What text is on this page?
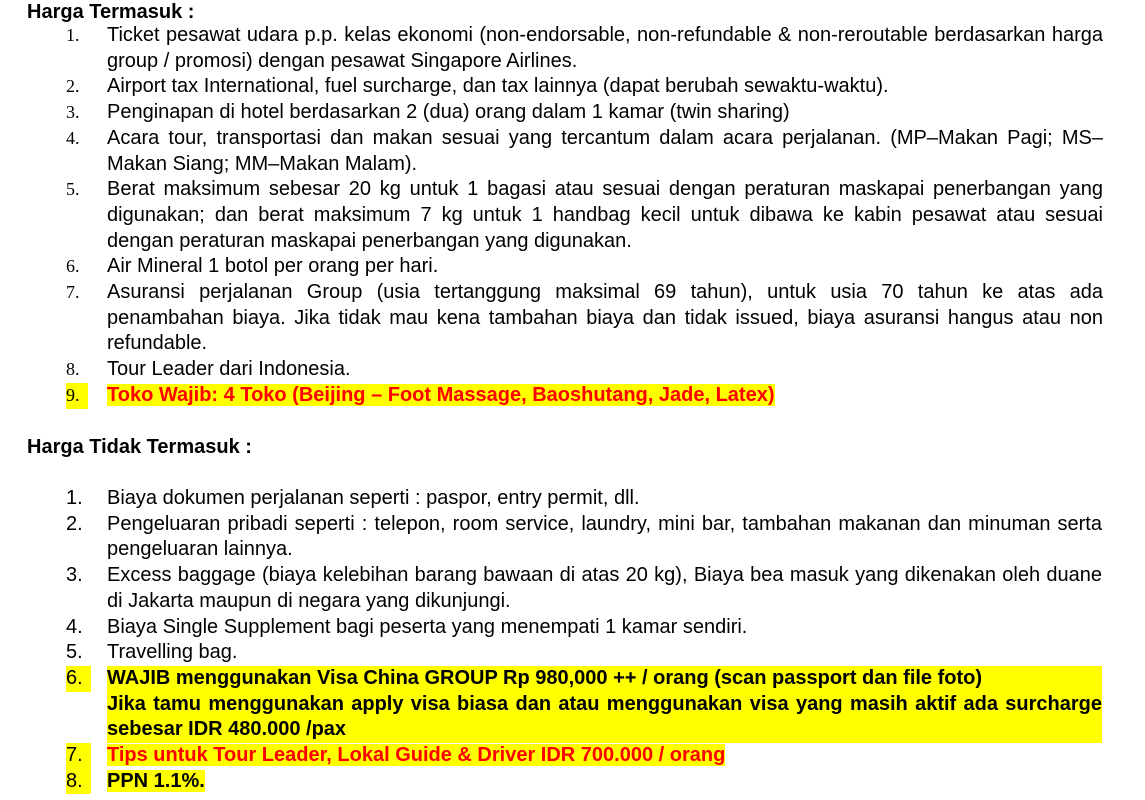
Harga Termasuk :
1.	Ticket pesawat udara p.p. kelas ekonomi (non-endorsable, non-refundable & non-reroutable berdasarkan harga group / promosi) dengan pesawat Singapore Airlines.
2.	Airport tax International, fuel surcharge, dan tax lainnya (dapat berubah sewaktu-waktu).
3.	Penginapan di hotel berdasarkan 2 (dua) orang dalam 1 kamar (twin sharing)
4.	Acara tour, transportasi dan makan sesuai yang tercantum dalam acara perjalanan. (MP–Makan Pagi; MS–Makan Siang; MM–Makan Malam).
5.	Berat maksimum sebesar 20 kg untuk 1 bagasi atau sesuai dengan peraturan maskapai penerbangan yang digunakan; dan berat maksimum 7 kg untuk 1 handbag kecil untuk dibawa ke kabin pesawat atau sesuai dengan peraturan maskapai penerbangan yang digunakan.
6.	Air Mineral 1 botol per orang per hari.
7.	Asuransi perjalanan Group (usia tertanggung maksimal 69 tahun), untuk usia 70 tahun ke atas ada penambahan biaya. Jika tidak mau kena tambahan biaya dan tidak issued, biaya asuransi hangus atau non refundable.
8.	Tour Leader dari Indonesia.
9.	Toko Wajib: 4 Toko (Beijing – Foot Massage, Baoshutang, Jade, Latex)
Harga Tidak Termasuk :
1.	Biaya dokumen perjalanan seperti : paspor, entry permit, dll.
2.	Pengeluaran pribadi seperti : telepon, room service, laundry, mini bar, tambahan makanan dan minuman serta pengeluaran lainnya.
3.	Excess baggage (biaya kelebihan barang bawaan di atas 20 kg), Biaya bea masuk yang dikenakan oleh duane di Jakarta maupun di negara yang dikunjungi.
4.	Biaya Single Supplement bagi peserta yang menempati 1 kamar sendiri.
5.	Travelling bag.
6.	WAJIB menggunakan Visa China GROUP Rp 980,000 ++ / orang (scan passport dan file foto)
Jika tamu menggunakan apply visa biasa dan atau menggunakan visa yang masih aktif ada surcharge sebesar IDR 480.000 /pax
7.	Tips untuk Tour Leader, Lokal Guide & Driver IDR 700.000 / orang
8.	PPN 1.1%.
